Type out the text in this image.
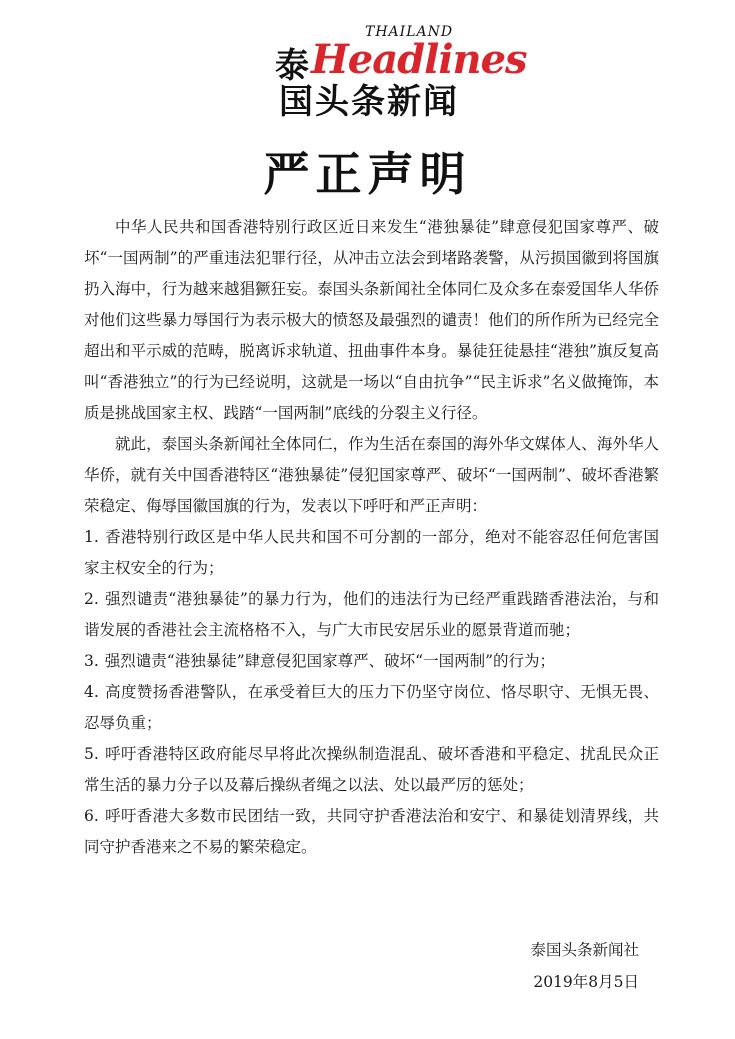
泰
THAILAND
Headlines
国头条新闻
严正声明

中华人民共和国香港特别行政区近日来发生“港独暴徒”肆意侵犯国家尊严、破坏“一国两制”的严重违法犯罪行径，从冲击立法会到堵路袭警，从污损国徽到将国旗扔入海中，行为越来越猖獗狂妄。泰国头条新闻社全体同仁及众多在泰爱国华人华侨对他们这些暴力辱国行为表示极大的愤怒及最强烈的谴责！他们的所作所为已经完全超出和平示威的范畴，脱离诉求轨道、扭曲事件本身。暴徒狂徒悬挂“港独”旗反复高叫“香港独立”的行为已经说明，这就是一场以“自由抗争”“民主诉求”名义做掩饰，本质是挑战国家主权、践踏“一国两制”底线的分裂主义行径。

就此，泰国头条新闻社全体同仁，作为生活在泰国的海外华文媒体人、海外华人华侨，就有关中国香港特区“港独暴徒”侵犯国家尊严、破坏“一国两制”、破坏香港繁荣稳定、侮辱国徽国旗的行为，发表以下呼吁和严正声明：

1. 香港特别行政区是中华人民共和国不可分割的一部分，绝对不能容忍任何危害国家主权安全的行为；
2. 强烈谴责“港独暴徒”的暴力行为，他们的违法行为已经严重践踏香港法治，与和谐发展的香港社会主流格格不入，与广大市民安居乐业的愿景背道而驰；
3. 强烈谴责“港独暴徒”肆意侵犯国家尊严、破坏“一国两制”的行为；
4. 高度赞扬香港警队，在承受着巨大的压力下仍坚守岗位、恪尽职守、无惧无畏、忍辱负重；
5. 呼吁香港特区政府能尽早将此次操纵制造混乱、破坏香港和平稳定、扰乱民众正常生活的暴力分子以及幕后操纵者绳之以法、处以最严厉的惩处；
6. 呼吁香港大多数市民团结一致，共同守护香港法治和安宁、和暴徒划清界线，共同守护香港来之不易的繁荣稳定。
泰国头条新闻社
2019年8月5日
